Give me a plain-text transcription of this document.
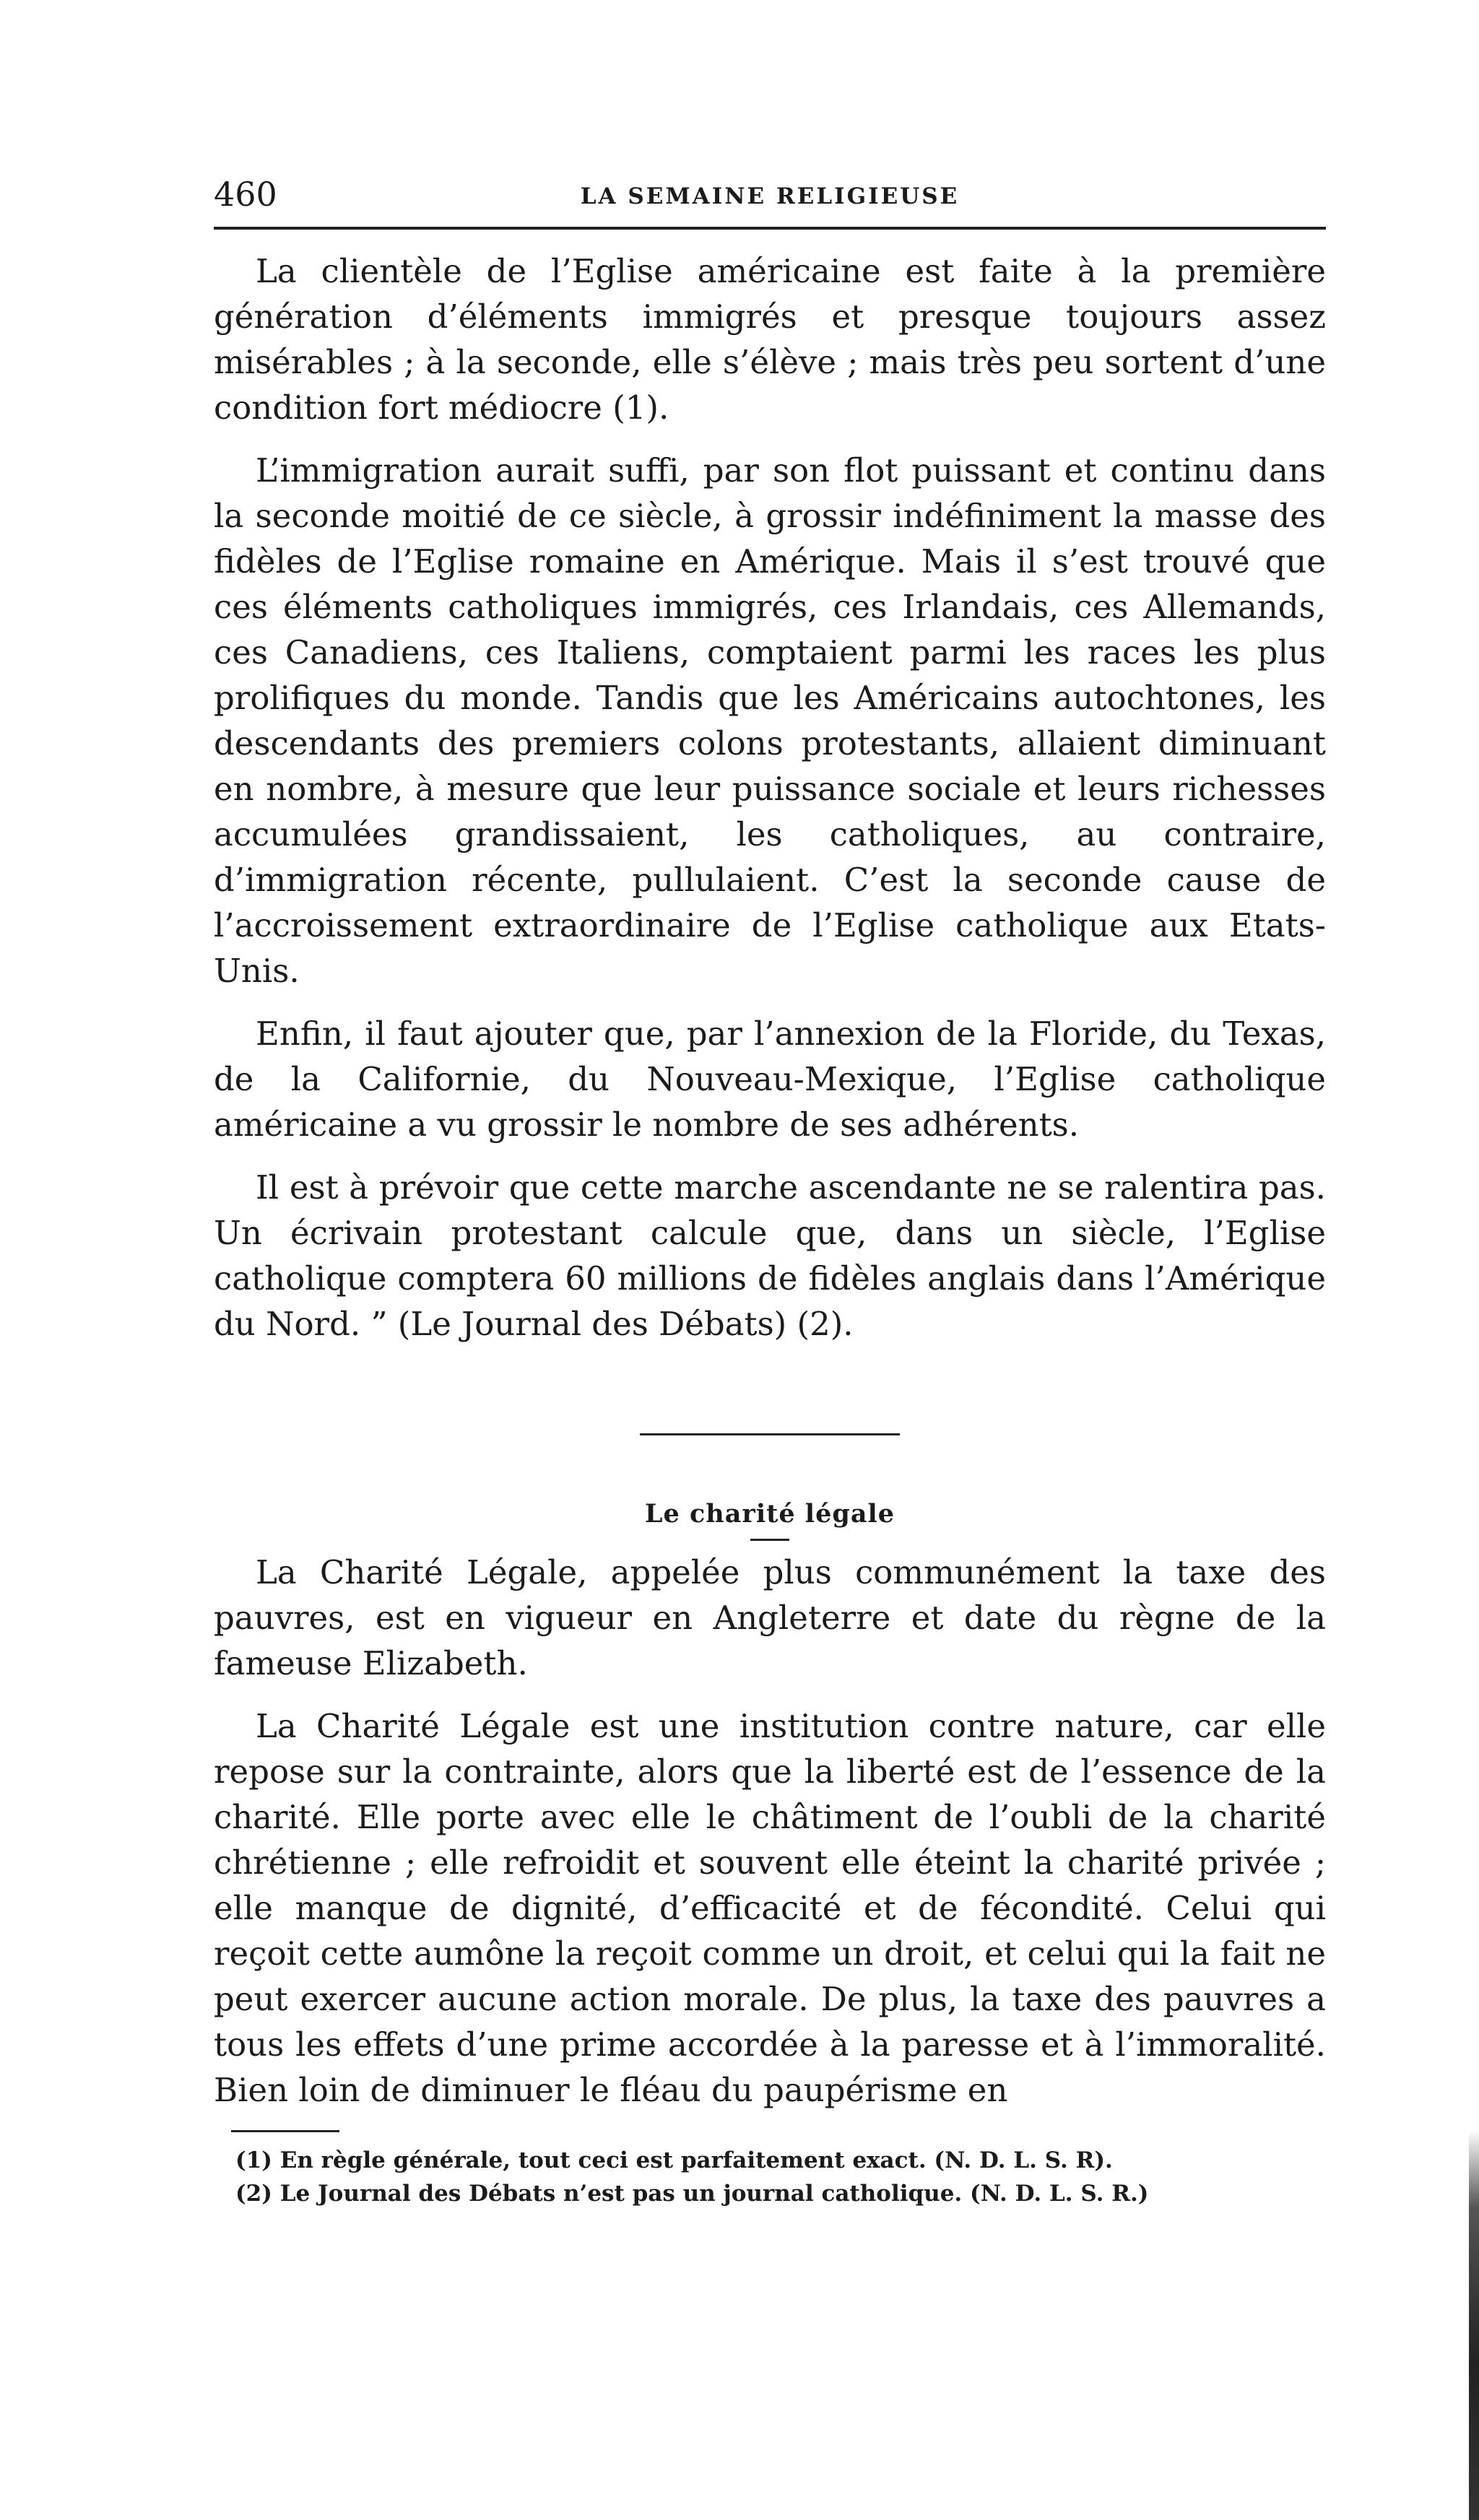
460	LA SEMAINE RELIGIEUSE

La clientèle de l’Eglise américaine est faite à la première génération d’éléments immigrés et presque toujours assez misérables ; à la seconde, elle s’élève ; mais très peu sortent d’une condition fort médiocre (1).

L’immigration aurait suffi, par son flot puissant et continu dans la seconde moitié de ce siècle, à grossir indéfiniment la masse des fidèles de l’Eglise romaine en Amérique. Mais il s’est trouvé que ces éléments catholiques immigrés, ces Irlandais, ces Allemands, ces Canadiens, ces Italiens, comptaient parmi les races les plus prolifiques du monde. Tandis que les Américains autochtones, les descendants des premiers colons protestants, allaient diminuant en nombre, à mesure que leur puissance sociale et leurs richesses accumulées grandissaient, les catholiques, au contraire, d’immigration récente, pullulaient. C’est la seconde cause de l’accroissement extraordinaire de l’Eglise catholique aux Etats-Unis.

Enfin, il faut ajouter que, par l’annexion de la Floride, du Texas, de la Californie, du Nouveau-Mexique, l’Eglise catholique américaine a vu grossir le nombre de ses adhérents.

Il est à prévoir que cette marche ascendante ne se ralentira pas. Un écrivain protestant calcule que, dans un siècle, l’Eglise catholique comptera 60 millions de fidèles anglais dans l’Amérique du Nord. ” (Le Journal des Débats) (2).

Le charité légale

La Charité Légale, appelée plus communément la taxe des pauvres, est en vigueur en Angleterre et date du règne de la fameuse Elizabeth.

La Charité Légale est une institution contre nature, car elle repose sur la contrainte, alors que la liberté est de l’essence de la charité. Elle porte avec elle le châtiment de l’oubli de la charité chrétienne ; elle refroidit et souvent elle éteint la charité privée ; elle manque de dignité, d’efficacité et de fécondité. Celui qui reçoit cette aumône la reçoit comme un droit, et celui qui la fait ne peut exercer aucune action morale. De plus, la taxe des pauvres a tous les effets d’une prime accordée à la paresse et à l’immoralité. Bien loin de diminuer le fléau du paupérisme en

(1) En règle générale, tout ceci est parfaitement exact. (N. D. L. S. R).
(2) Le Journal des Débats n’est pas un journal catholique. (N. D. L. S. R.)
